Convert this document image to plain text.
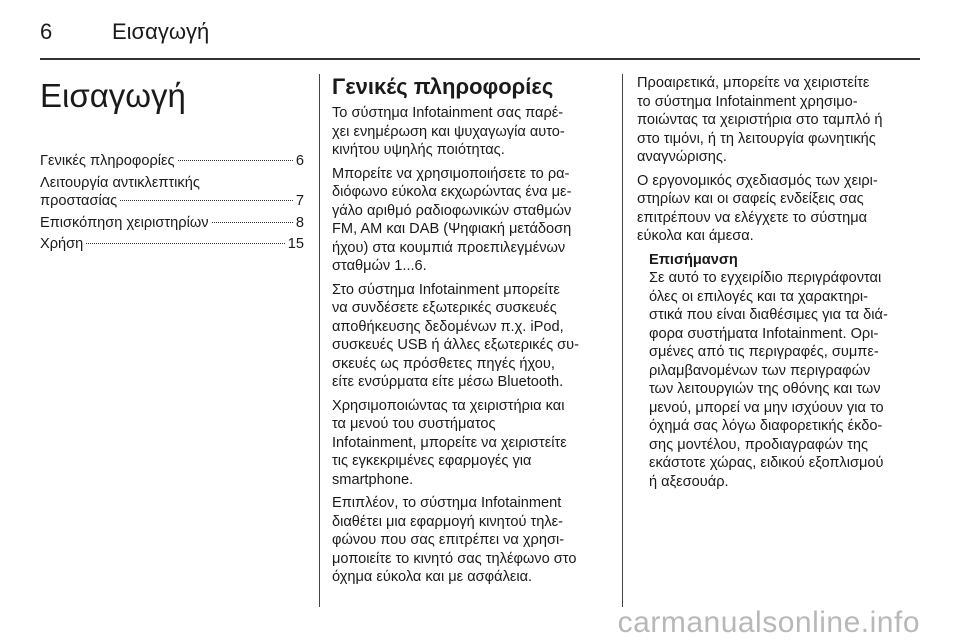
6	Εισαγωγή
Εισαγωγή
Γενικές πληροφορίες	6
Λειτουργία αντικλεπτικής
προστασίας	7
Επισκόπηση χειριστηρίων	8
Χρήση	15
Γενικές πληροφορίες

Το σύστημα Infotainment σας παρέ-
χει ενημέρωση και ψυχαγωγία αυτο-
κινήτου υψηλής ποιότητας.

Μπορείτε να χρησιμοποιήσετε το ρα-
διόφωνο εύκολα εκχωρώντας ένα με-
γάλο αριθμό ραδιοφωνικών σταθμών
FM, AM και DAB (Ψηφιακή μετάδοση
ήχου) στα κουμπιά προεπιλεγμένων
σταθμών 1...6.

Στο σύστημα Infotainment μπορείτε
να συνδέσετε εξωτερικές συσκευές
αποθήκευσης δεδομένων π.χ. iPod,
συσκευές USB ή άλλες εξωτερικές συ-
σκευές ως πρόσθετες πηγές ήχου,
είτε ενσύρματα είτε μέσω Bluetooth.

Χρησιμοποιώντας τα χειριστήρια και
τα μενού του συστήματος
Infotainment, μπορείτε να χειριστείτε
τις εγκεκριμένες εφαρμογές για
smartphone.

Επιπλέον, το σύστημα Infotainment
διαθέτει μια εφαρμογή κινητού τηλε-
φώνου που σας επιτρέπει να χρησι-
μοποιείτε το κινητό σας τηλέφωνο στο
όχημα εύκολα και με ασφάλεια.

Προαιρετικά, μπορείτε να χειριστείτε
το σύστημα Infotainment χρησιμο-
ποιώντας τα χειριστήρια στο ταμπλό ή
στο τιμόνι, ή τη λειτουργία φωνητικής
αναγνώρισης.

Ο εργονομικός σχεδιασμός των χειρι-
στηρίων και οι σαφείς ενδείξεις σας
επιτρέπουν να ελέγχετε το σύστημα
εύκολα και άμεσα.

Επισήμανση
Σε αυτό το εγχειρίδιο περιγράφονται
όλες οι επιλογές και τα χαρακτηρι-
στικά που είναι διαθέσιμες για τα διά-
φορα συστήματα Infotainment. Ορι-
σμένες από τις περιγραφές, συμπε-
ριλαμβανομένων των περιγραφών
των λειτουργιών της οθόνης και των
μενού, μπορεί να μην ισχύουν για το
όχημά σας λόγω διαφορετικής έκδο-
σης μοντέλου, προδιαγραφών της
εκάστοτε χώρας, ειδικού εξοπλισμού
ή αξεσουάρ.
carmanualsonline.info
